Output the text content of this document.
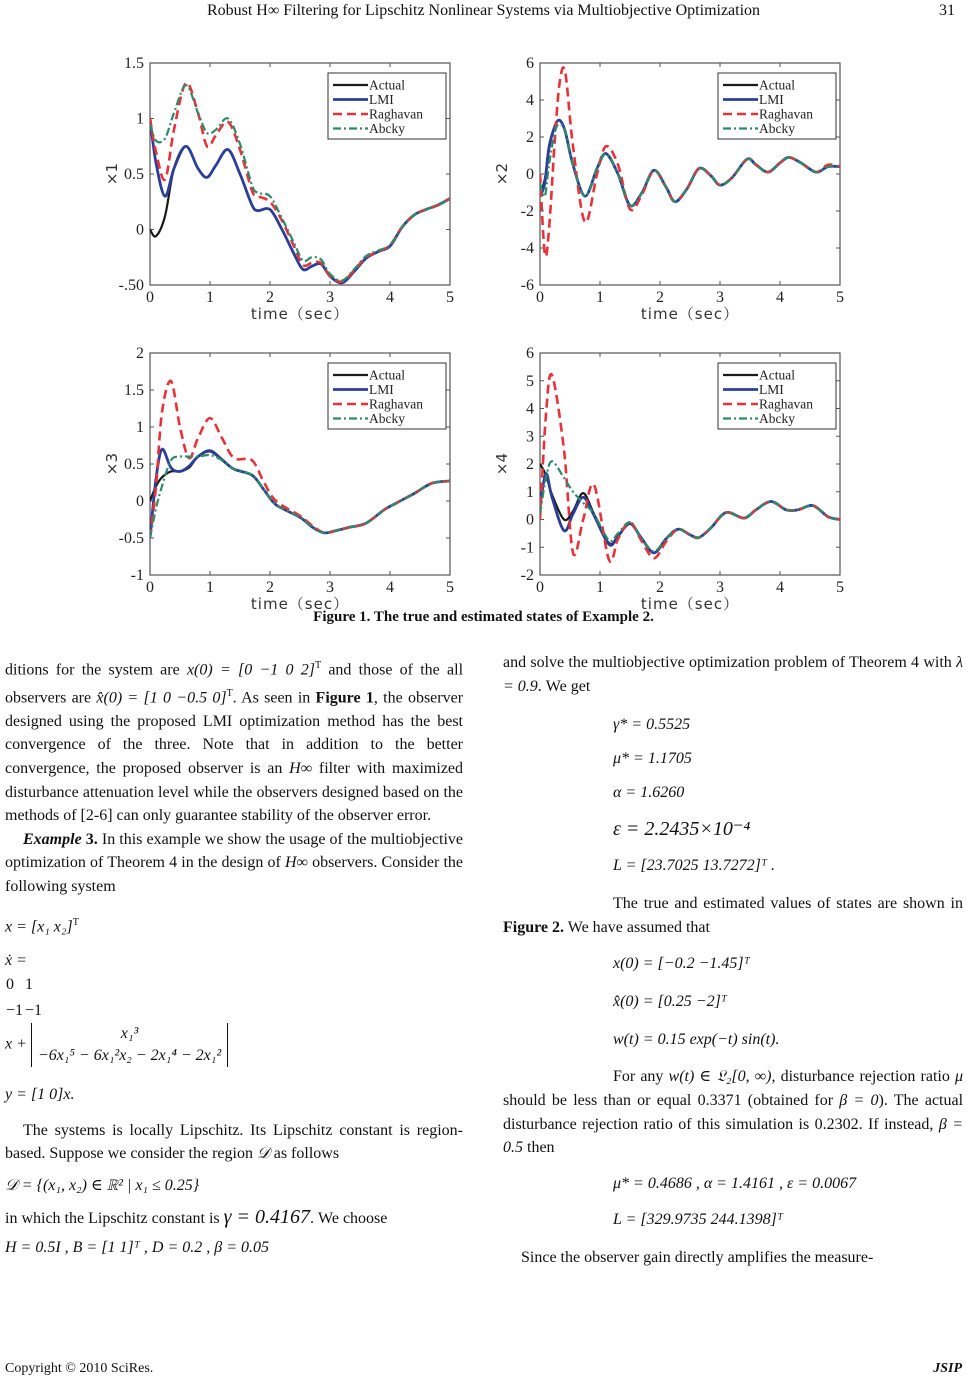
Robust H∞ Filtering for Lipschitz Nonlinear Systems via Multiobjective Optimization	31
0	1	2	3	4	5
-.50
0
0.5
1
1.5
time（sec）
×1
Actual
LMI
Raghavan
Abcky
0	1	2	3	4	5
-6
-4
-2
0
2
4
6
time（sec）
×2
Actual
LMI
Raghavan
Abcky
0	1	2	3	4	5
-1
-0.5
0
0.5
1
1.5
2
time（sec）
×3
Actual
LMI
Raghavan
Abcky
0	1	2	3	4	5
-2
-1
0
1
2
3
4
5
6
time（sec）
×4
Actual
LMI
Raghavan
Abcky
Figure 1. The true and estimated states of Example 2.

ditions for the system are x(0) = [0 −1 0 2]$^T$ and those of the all observers are x̂(0) = [1 0 −0.5 0]$^T$. As seen in Figure 1, the observer designed using the proposed LMI optimization method has the best convergence of the three. Note that in addition to the better convergence, the proposed observer is an H∞ filter with maximized disturbance attenuation level while the observers designed based on the methods of [2-6] can only guarantee stability of the observer error.

Example 3. In this example we show the usage of the multiobjective optimization of Theorem 4 in the design of H∞ observers. Consider the following system

x = [x₁ x₂]$^T$

ẋ =

0	1
−1	−1
x +
x₁³
−6x₁⁵ − 6x₁²x₂ − 2x₁⁴ − 2x₁²

y = [1 0]x.

The systems is locally Lipschitz. Its Lipschitz constant is region-based. Suppose we consider the region 𝒟 as follows

𝒟 = {(x₁, x₂) ∈ ℝ² | x₁ ≤ 0.25}

in which the Lipschitz constant is γ = 0.4167. We choose

H = 0.5I , B = [1 1]ᵀ , D = 0.2 , β = 0.05

and solve the multiobjective optimization problem of Theorem 4 with λ = 0.9. We get

γ* = 0.5525

μ* = 1.1705

α = 1.6260

ε = 2.2435×10⁻⁴

L = [23.7025 13.7272]ᵀ .

The true and estimated values of states are shown in Figure 2. We have assumed that

x(0) = [−0.2 −1.45]ᵀ

x̂(0) = [0.25 −2]ᵀ

w(t) = 0.15 exp(−t) sin(t).

For any w(t) ∈ 𝔏₂[0, ∞), disturbance rejection ratio μ should be less than or equal 0.3371 (obtained for β = 0). The actual disturbance rejection ratio of this simulation is 0.2302. If instead, β = 0.5 then

μ* = 0.4686 , α = 1.4161 , ε = 0.0067

L = [329.9735 244.1398]ᵀ

Since the observer gain directly amplifies the measure-

Copyright © 2010 SciRes.	JSIP
